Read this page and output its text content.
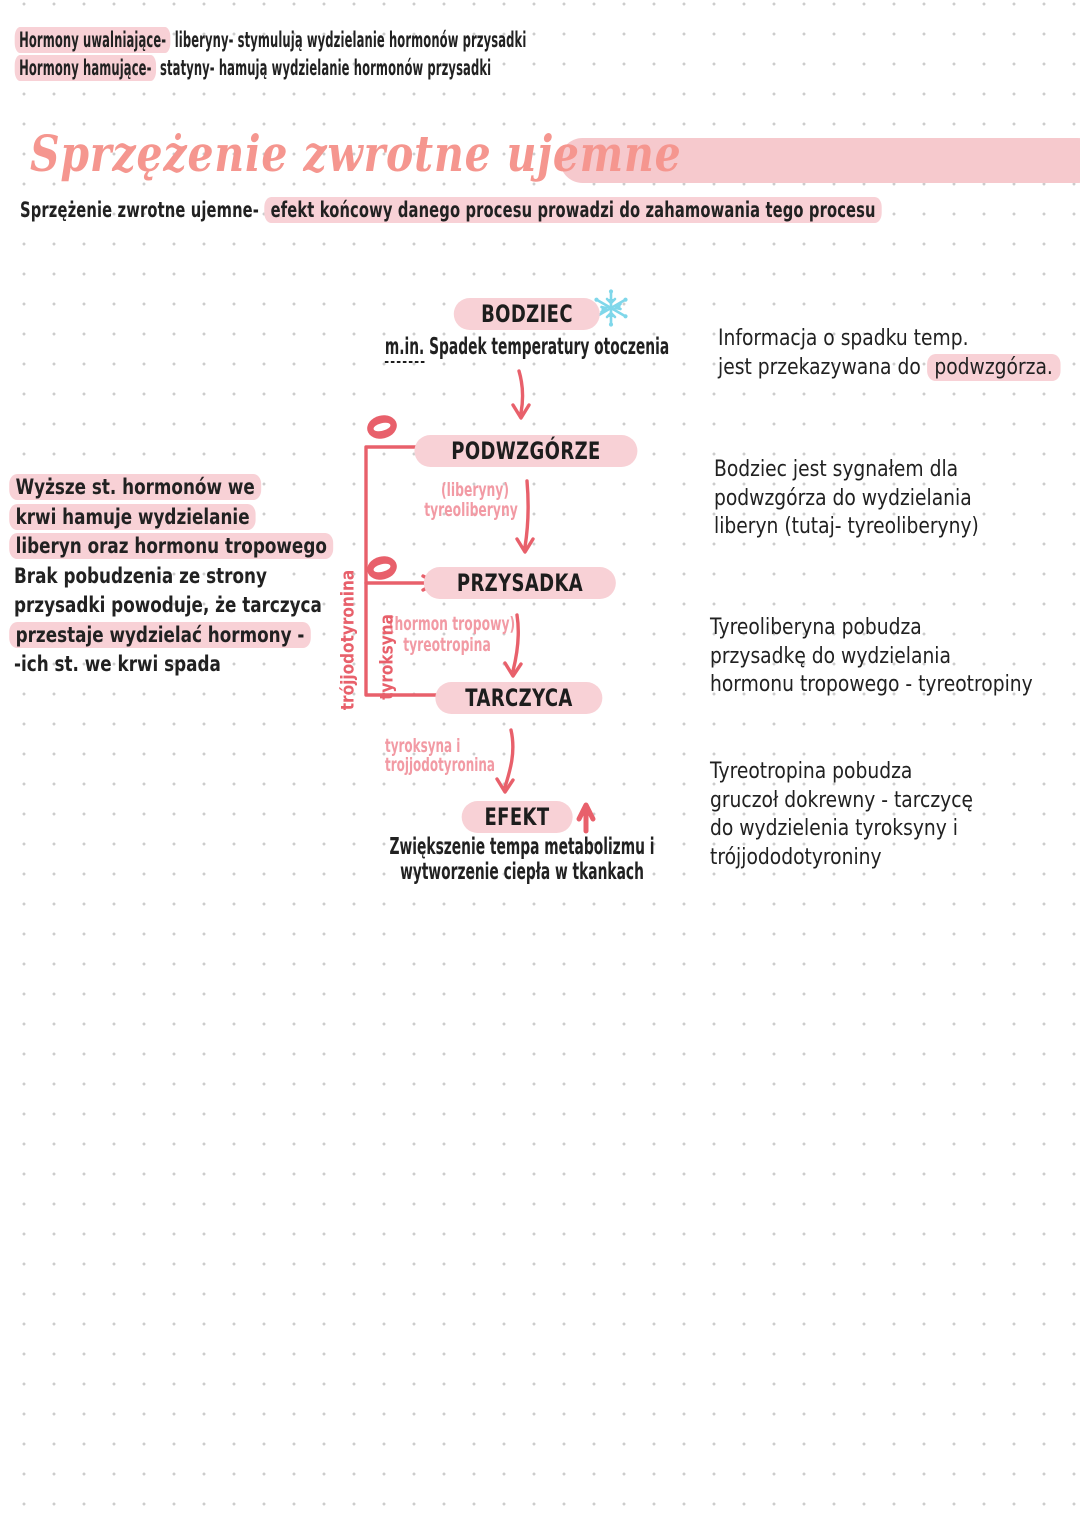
Hormony uwalniające- liberyny- stymulują wydzielanie hormonów przysadki
Hormony hamujące- statyny- hamują wydzielanie hormonów przysadki
Sprzężenie zwrotne ujemne
Sprzężenie zwrotne ujemne- efekt końcowy danego procesu prowadzi do zahamowania tego procesu
BODZIEC
m.in. Spadek temperatury otoczenia
PODWZGÓRZE
(liberyny)
tyreoliberyny
PRZYSADKA
(hormon tropowy)
tyreotropina
TARCZYCA
tyroksyna i
trojjodotyronina
EFEKT
Zwiększenie tempa metabolizmu i
wytworzenie ciepła w tkankach
trójjodotyronina tyroksyna
Wyższe st. hormonów we
krwi hamuje wydzielanie
liberyn oraz hormonu tropowego
Brak pobudzenia ze strony
przysadki powoduje, że tarczyca
przestaje wydzielać hormony -
-ich st. we krwi spada
Informacja o spadku temp.
jest przekazywana do podwzgórza.
Bodziec jest sygnałem dla
podwzgórza do wydzielania
liberyn (tutaj- tyreoliberyny)
Tyreoliberyna pobudza
przysadkę do wydzielania
hormonu tropowego - tyreotropiny
Tyreotropina pobudza
gruczoł dokrewny - tarczycę
do wydzielenia tyroksyny i
trójjododotyroniny
